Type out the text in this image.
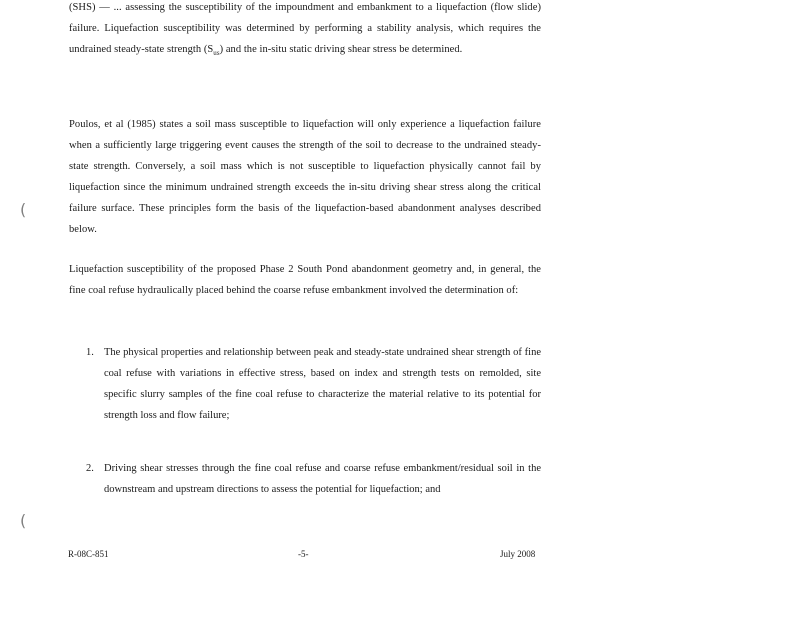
(SHS) — ... assessing the susceptibility of the impoundment and embankment to a liquefaction (flow slide) failure. Liquefaction susceptibility was determined by performing a stability analysis, which requires the undrained steady-state strength $(S_{us})$ and the in-situ static driving shear stress be determined.
Poulos, et al (1985) states a soil mass susceptible to liquefaction will only experience a liquefaction failure when a sufficiently large triggering event causes the strength of the soil to decrease to the undrained steady-state strength. Conversely, a soil mass which is not susceptible to liquefaction physically cannot fail by liquefaction since the minimum undrained strength exceeds the in-situ driving shear stress along the critical failure surface. These principles form the basis of the liquefaction-based abandonment analyses described below.
Liquefaction susceptibility of the proposed Phase 2 South Pond abandonment geometry and, in general, the fine coal refuse hydraulically placed behind the coarse refuse embankment involved the determination of:
1. The physical properties and relationship between peak and steady-state undrained shear strength of fine coal refuse with variations in effective stress, based on index and strength tests on remolded, site specific slurry samples of the fine coal refuse to characterize the material relative to its potential for strength loss and flow failure;
2. Driving shear stresses through the fine coal refuse and coarse refuse embankment/residual soil in the downstream and upstream directions to assess the potential for liquefaction; and
R-08C-851	-5-	July 2008
(
(
